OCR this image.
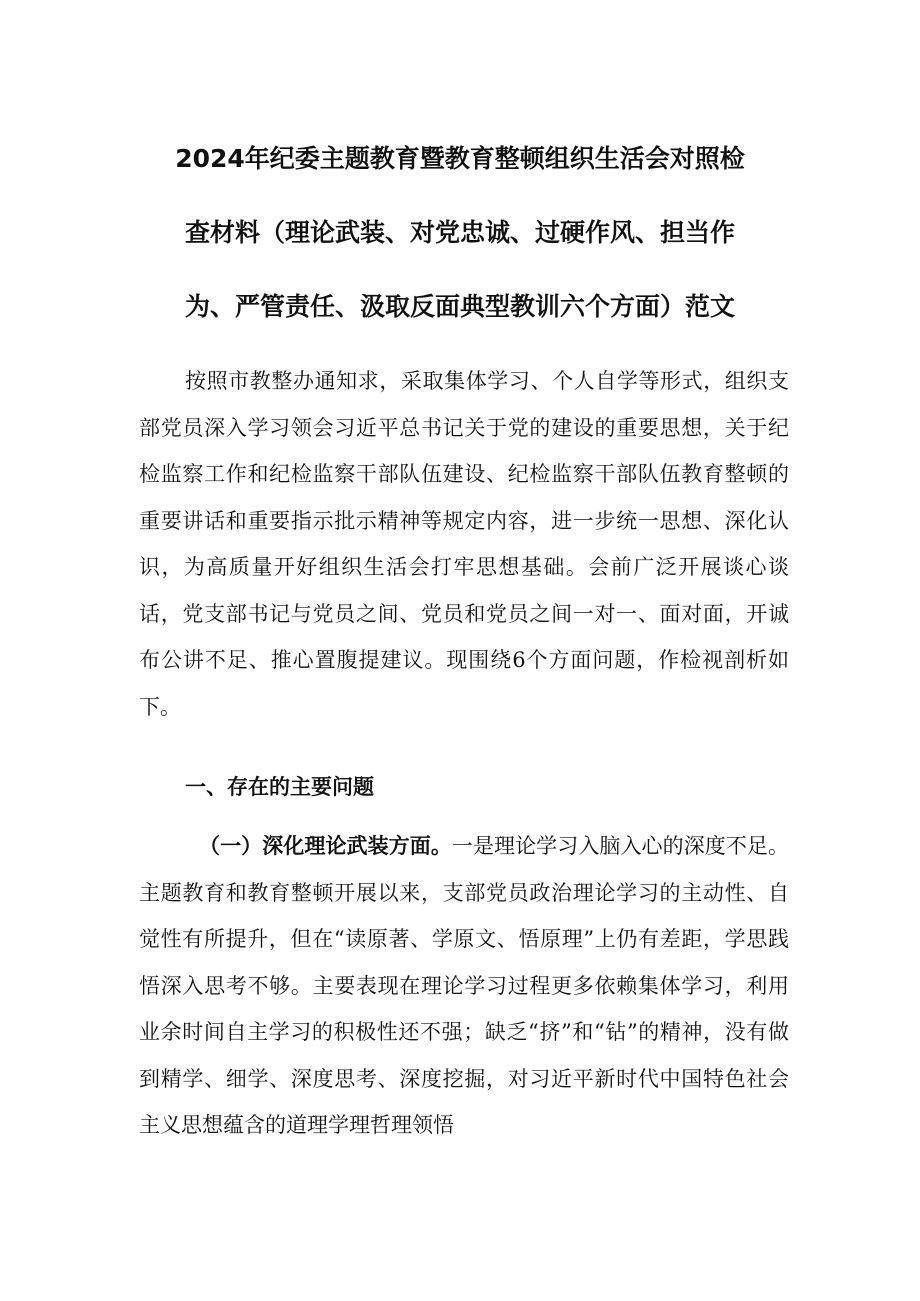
2024年纪委主题教育暨教育整顿组织生活会对照检
查材料（理论武装、对党忠诚、过硬作风、担当作
为、严管责任、汲取反面典型教训六个方面）范文

按照市教整办通知求，采取集体学习、个人自学等形式，组织支部党员深入学习领会习近平总书记关于党的建设的重要思想，关于纪检监察工作和纪检监察干部队伍建设、纪检监察干部队伍教育整顿的重要讲话和重要指示批示精神等规定内容，进一步统一思想、深化认识，为高质量开好组织生活会打牢思想基础。会前广泛开展谈心谈话，党支部书记与党员之间、党员和党员之间一对一、面对面，开诚布公讲不足、推心置腹提建议。现围绕6个方面问题，作检视剖析如下。

一、存在的主要问题

（一）深化理论武装方面。一是理论学习入脑入心的深度不足。主题教育和教育整顿开展以来，支部党员政治理论学习的主动性、自觉性有所提升，但在“读原著、学原文、悟原理”上仍有差距，学思践悟深入思考不够。主要表现在理论学习过程更多依赖集体学习，利用业余时间自主学习的积极性还不强；缺乏“挤”和“钻”的精神，没有做到精学、细学、深度思考、深度挖掘，对习近平新时代中国特色社会主义思想蕴含的道理学理哲理领悟
